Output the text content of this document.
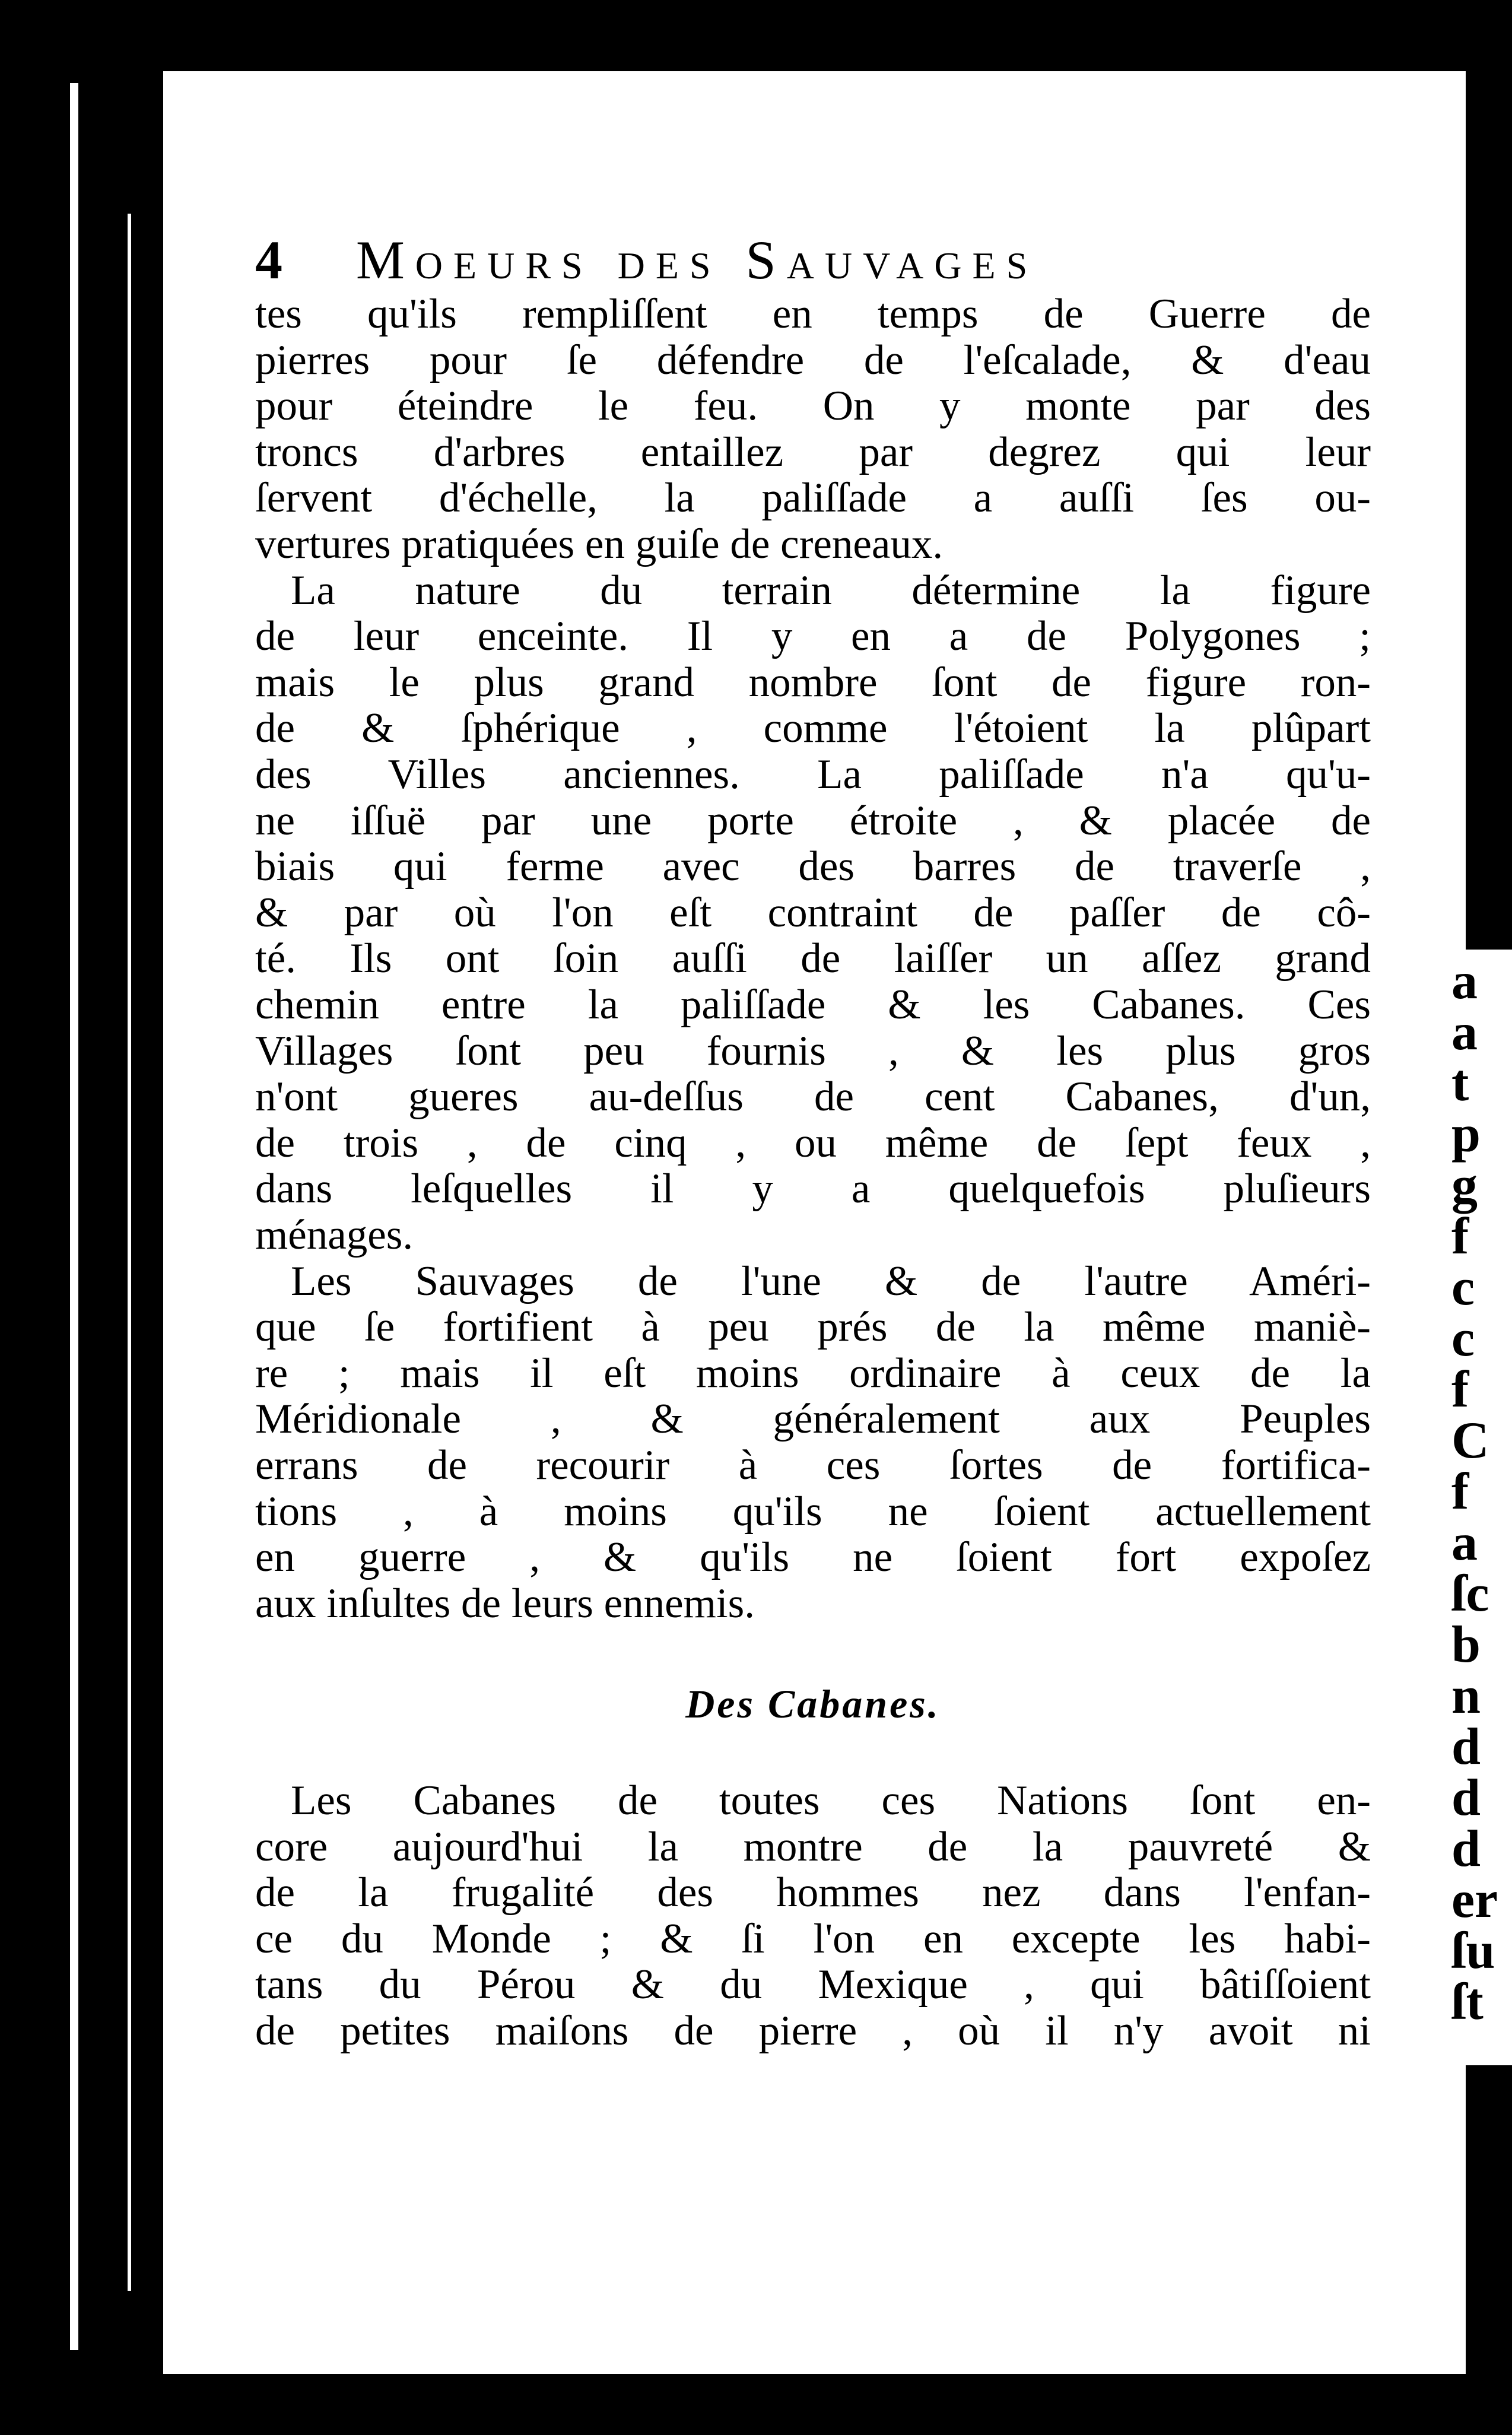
a
a
t
p
g
f
c
c
f
C
f
a
ſc
b
n
d
d
d
er
ſu
ſt
4 Moeurs des Sauvages
tes qu'ils rempliſſent en temps de Guerre de
pierres pour ſe défendre de l'eſcalade, & d'eau
pour éteindre le feu. On y monte par des
troncs d'arbres entaillez par degrez qui leur
ſervent d'échelle, la paliſſade a auſſi ſes ou-
vertures pratiquées en guiſe de creneaux.
La nature du terrain détermine la figure
de leur enceinte. Il y en a de Polygones ;
mais le plus grand nombre ſont de figure ron-
de & ſphérique , comme l'étoient la plûpart
des Villes anciennes. La paliſſade n'a qu'u-
ne iſſuë par une porte étroite , & placée de
biais qui ferme avec des barres de traverſe ,
& par où l'on eſt contraint de paſſer de cô-
té. Ils ont ſoin auſſi de laiſſer un aſſez grand
chemin entre la paliſſade & les Cabanes. Ces
Villages ſont peu fournis , & les plus gros
n'ont gueres au-deſſus de cent Cabanes, d'un,
de trois , de cinq , ou même de ſept feux ,
dans leſquelles il y a quelquefois pluſieurs
ménages.
Les Sauvages de l'une & de l'autre Améri-
que ſe fortifient à peu prés de la même maniè-
re ; mais il eſt moins ordinaire à ceux de la
Méridionale , & généralement aux Peuples
errans de recourir à ces ſortes de fortifica-
tions , à moins qu'ils ne ſoient actuellement
en guerre , & qu'ils ne ſoient fort expoſez
aux inſultes de leurs ennemis.
Des Cabanes.
Les Cabanes de toutes ces Nations ſont en-
core aujourd'hui la montre de la pauvreté &
de la frugalité des hommes nez dans l'enfan-
ce du Monde ; & ſi l'on en excepte les habi-
tans du Pérou & du Mexique , qui bâtiſſoient
de petites maiſons de pierre , où il n'y avoit ni
